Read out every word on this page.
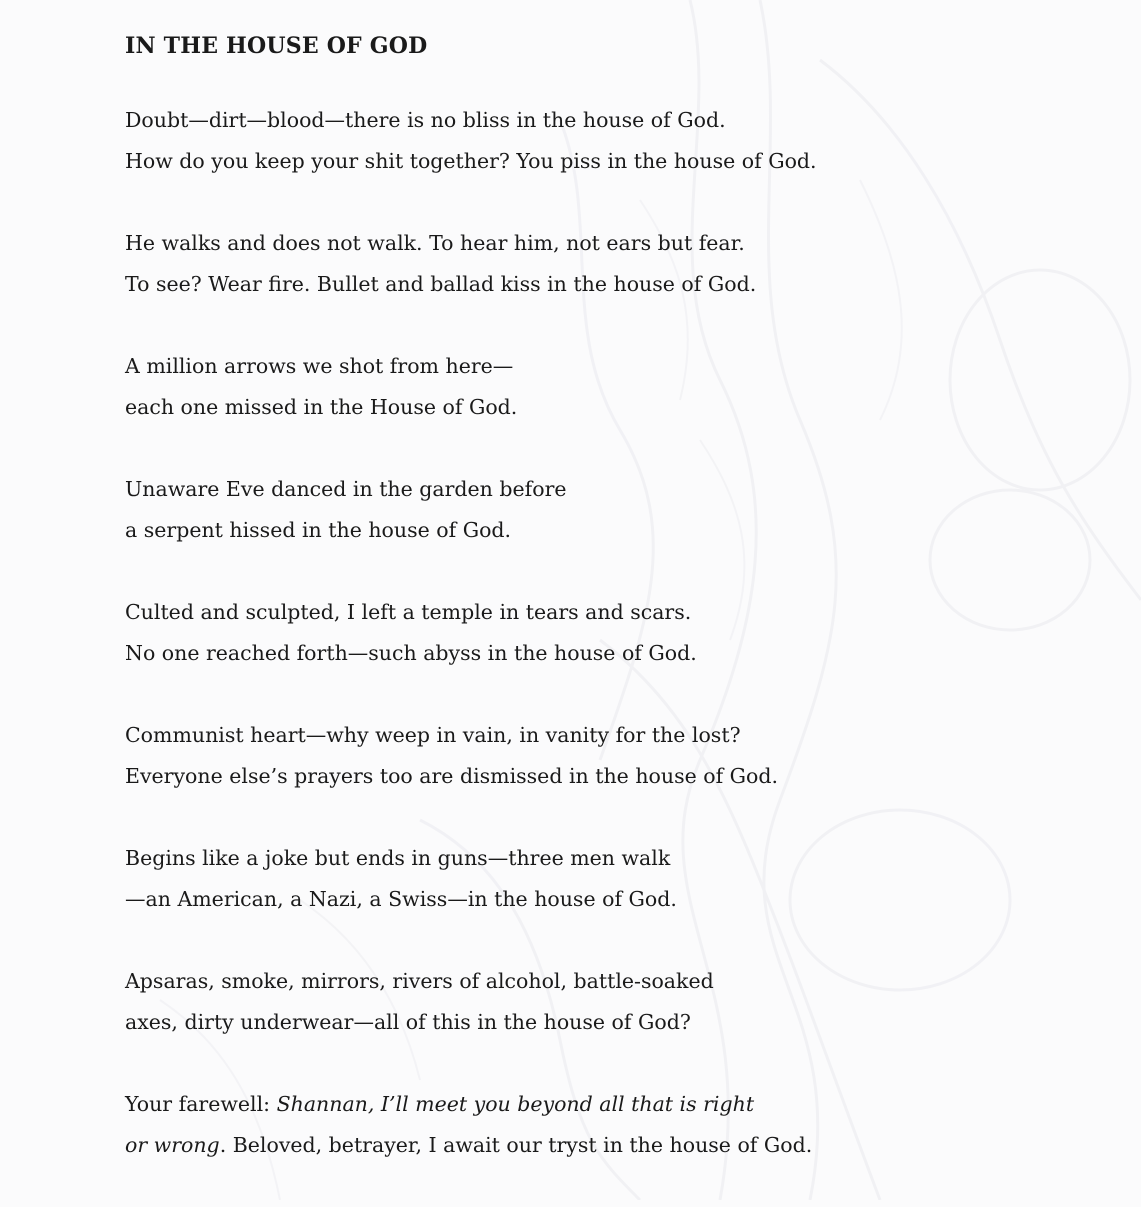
IN THE HOUSE OF GOD

Doubt—dirt—blood—there is no bliss in the house of God.

How do you keep your shit together? You piss in the house of God.

He walks and does not walk. To hear him, not ears but fear.

To see? Wear fire. Bullet and ballad kiss in the house of God.

A million arrows we shot from here—

each one missed in the House of God.

Unaware Eve danced in the garden before

a serpent hissed in the house of God.

Culted and sculpted, I left a temple in tears and scars.

No one reached forth—such abyss in the house of God.

Communist heart—why weep in vain, in vanity for the lost?

Everyone else’s prayers too are dismissed in the house of God.

Begins like a joke but ends in guns—three men walk

—an American, a Nazi, a Swiss—in the house of God.

Apsaras, smoke, mirrors, rivers of alcohol, battle-soaked

axes, dirty underwear—all of this in the house of God?

Your farewell: Shannan, I’ll meet you beyond all that is right

or wrong. Beloved, betrayer, I await our tryst in the house of God.
